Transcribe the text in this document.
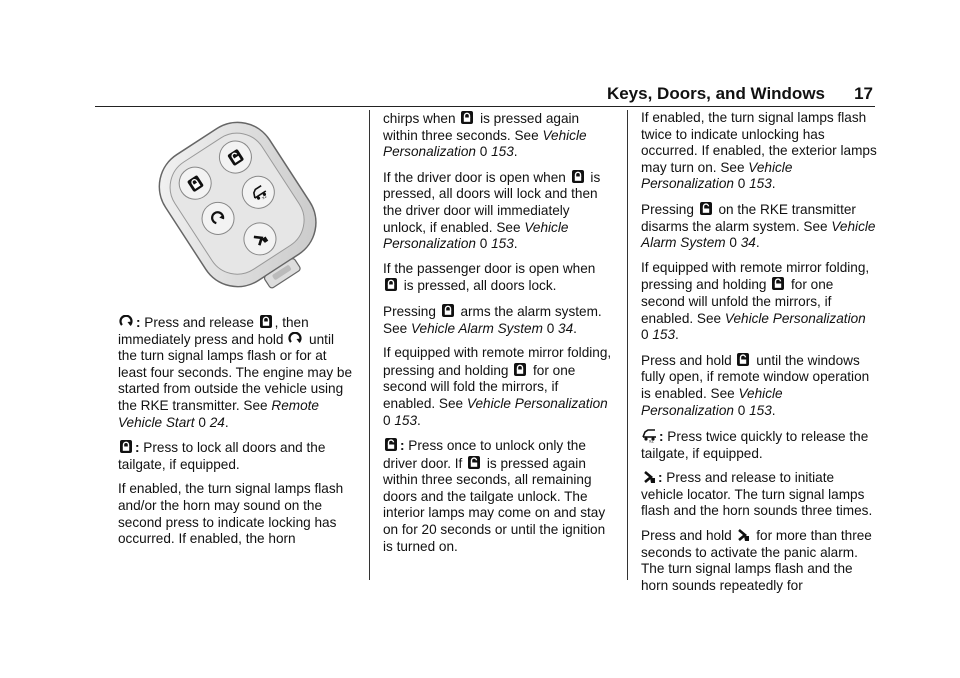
Keys, Doors, and Windows 17

: Press and release
, then immediately press and hold
until the turn signal lamps flash or for at least four seconds. The engine may be started from outside the vehicle using the RKE transmitter. See Remote Vehicle Start 0 24.

: Press to lock all doors and the tailgate, if equipped.

If enabled, the turn signal lamps flash and/or the horn may sound on the second press to indicate locking has occurred. If enabled, the horn

chirps when
is pressed again within three seconds. See Vehicle Personalization 0 153.

If the driver door is open when
is pressed, all doors will lock and then the driver door will immediately unlock, if enabled. See Vehicle Personalization 0 153.

If the passenger door is open when
is pressed, all doors lock.

Pressing
arms the alarm system. See Vehicle Alarm System 0 34.

If equipped with remote mirror folding, pressing and holding
for one second will fold the mirrors, if enabled. See Vehicle Personalization 0 153.

: Press once to unlock only the driver door. If
is pressed again within three seconds, all remaining doors and the tailgate unlock. The interior lamps may come on and stay on for 20 seconds or until the ignition is turned on.

If enabled, the turn signal lamps flash twice to indicate unlocking has occurred. If enabled, the exterior lamps may turn on. See Vehicle Personalization 0 153.

Pressing
on the RKE transmitter disarms the alarm system. See Vehicle Alarm System 0 34.

If equipped with remote mirror folding, pressing and holding
for one second will unfold the mirrors, if enabled. See Vehicle Personalization 0 153.

Press and hold
until the windows fully open, if remote window operation is enabled. See Vehicle Personalization 0 153.

: Press twice quickly to release the tailgate, if equipped.

: Press and release to initiate vehicle locator. The turn signal lamps flash and the horn sounds three times.

Press and hold
for more than three seconds to activate the panic alarm. The turn signal lamps flash and the horn sounds repeatedly for
